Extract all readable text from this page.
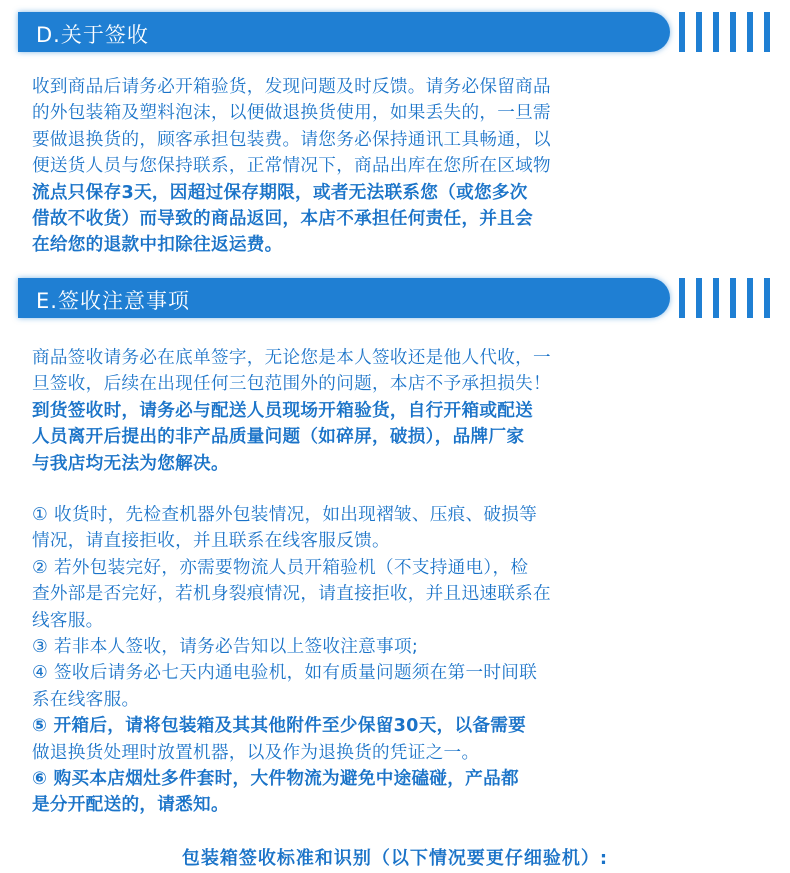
D.关于签收
收到商品后请务必开箱验货，发现问题及时反馈。请务必保留商品
的外包装箱及塑料泡沫，以便做退换货使用，如果丢失的，一旦需
要做退换货的，顾客承担包装费。请您务必保持通讯工具畅通，以
便送货人员与您保持联系，正常情况下，商品出库在您所在区域物
流点只保存3天，因超过保存期限，或者无法联系您（或您多次
借故不收货）而导致的商品返回，本店不承担任何责任，并且会
在给您的退款中扣除往返运费。
E.签收注意事项
商品签收请务必在底单签字，无论您是本人签收还是他人代收，一
旦签收，后续在出现任何三包范围外的问题，本店不予承担损失！
到货签收时，请务必与配送人员现场开箱验货，自行开箱或配送
人员离开后提出的非产品质量问题（如碎屏，破损），品牌厂家
与我店均无法为您解决。
① 收货时，先检查机器外包装情况，如出现褶皱、压痕、破损等
情况，请直接拒收，并且联系在线客服反馈。
② 若外包装完好，亦需要物流人员开箱验机（不支持通电），检
查外部是否完好，若机身裂痕情况，请直接拒收，并且迅速联系在
线客服。
③ 若非本人签收，请务必告知以上签收注意事项;
④ 签收后请务必七天内通电验机，如有质量问题须在第一时间联
系在线客服。
⑤ 开箱后，请将包装箱及其其他附件至少保留30天，以备需要
做退换货处理时放置机器，以及作为退换货的凭证之一。
⑥ 购买本店烟灶多件套时，大件物流为避免中途磕碰，产品都
是分开配送的，请悉知。
包装箱签收标准和识别（以下情况要更仔细验机）:
